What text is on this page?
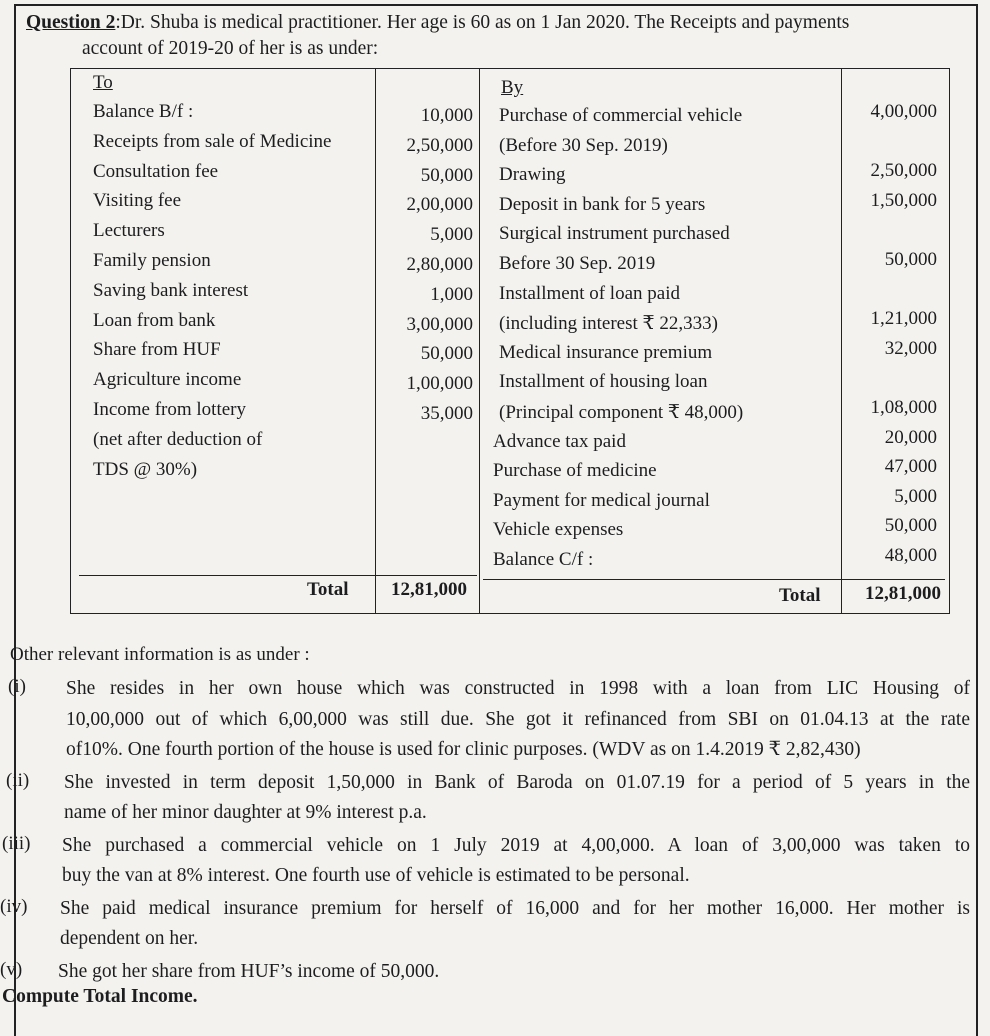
Question 2:Dr. Shuba is medical practitioner. Her age is 60 as on 1 Jan 2020. The Receipts and payments
account of 2019-20 of her is as under:
To
Balance B/f :	10,000
Receipts from sale of Medicine	2,50,000
Consultation fee	50,000
Visiting fee	2,00,000
Lecturers	5,000
Family pension	2,80,000
Saving bank interest	1,000
Loan from bank	3,00,000
Share from HUF	50,000
Agriculture income	1,00,000
Income from lottery	35,000
(net after deduction of
TDS @ 30%)
Total 12,81,000
By
Purchase of commercial vehicle	4,00,000
(Before 30 Sep. 2019)
Drawing	2,50,000
Deposit in bank for 5 years	1,50,000
Surgical instrument purchased
Before 30 Sep. 2019	50,000
Installment of loan paid
(including interest ₹ 22,333)	1,21,000
Medical insurance premium	32,000
Installment of housing loan
(Principal component ₹ 48,000)	1,08,000
Advance tax paid	20,000
Purchase of medicine	47,000
Payment for medical journal	5,000
Vehicle expenses	50,000
Balance C/f :	48,000
Total 12,81,000
Other relevant information is as under :
(i) She resides in her own house which was constructed in 1998 with a loan from LIC Housing of
10,00,000 out of which 6,00,000 was still due. She got it refinanced from SBI on 01.04.13 at the rate
of10%. One fourth portion of the house is used for clinic purposes. (WDV as on 1.4.2019 ₹ 2,82,430)
(ii) She invested in term deposit 1,50,000 in Bank of Baroda on 01.07.19 for a period of 5 years in the
name of her minor daughter at 9% interest p.a.
(iii) She purchased a commercial vehicle on 1 July 2019 at 4,00,000. A loan of 3,00,000 was taken to
buy the van at 8% interest. One fourth use of vehicle is estimated to be personal.
(iv) She paid medical insurance premium for herself of 16,000 and for her mother 16,000. Her mother is
dependent on her.
(v) She got her share from HUF’s income of 50,000.
Compute Total Income.
